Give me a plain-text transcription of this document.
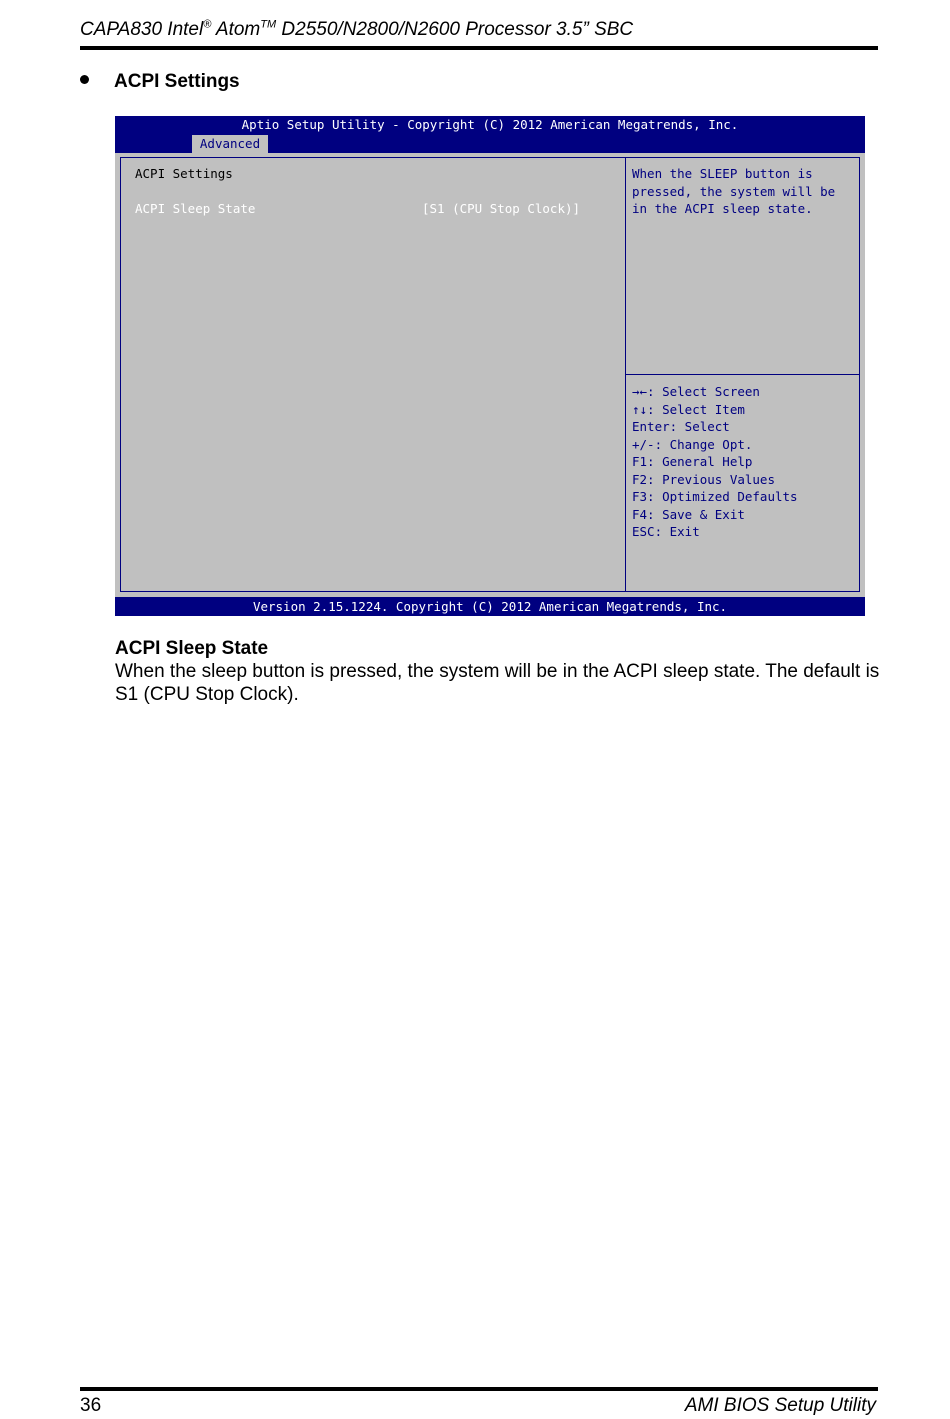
CAPA830 Intel® Atom™ D2550/N2800/N2600 Processor 3.5” SBC
ACPI Settings
Aptio Setup Utility - Copyright (C) 2012 American Megatrends, Inc.
Advanced
ACPI Settings
ACPI Sleep State	[S1 (CPU Stop Clock)]
When the SLEEP button is
pressed, the system will be
in the ACPI sleep state.
→←: Select Screen
↑↓: Select Item
Enter: Select
+/-: Change Opt.
F1: General Help
F2: Previous Values
F3: Optimized Defaults
F4: Save & Exit
ESC: Exit
Version 2.15.1224. Copyright (C) 2012 American Megatrends, Inc.
ACPI Sleep State
When the sleep button is pressed, the system will be in the ACPI sleep state. The default is S1 (CPU Stop Clock).
36	AMI BIOS Setup Utility
